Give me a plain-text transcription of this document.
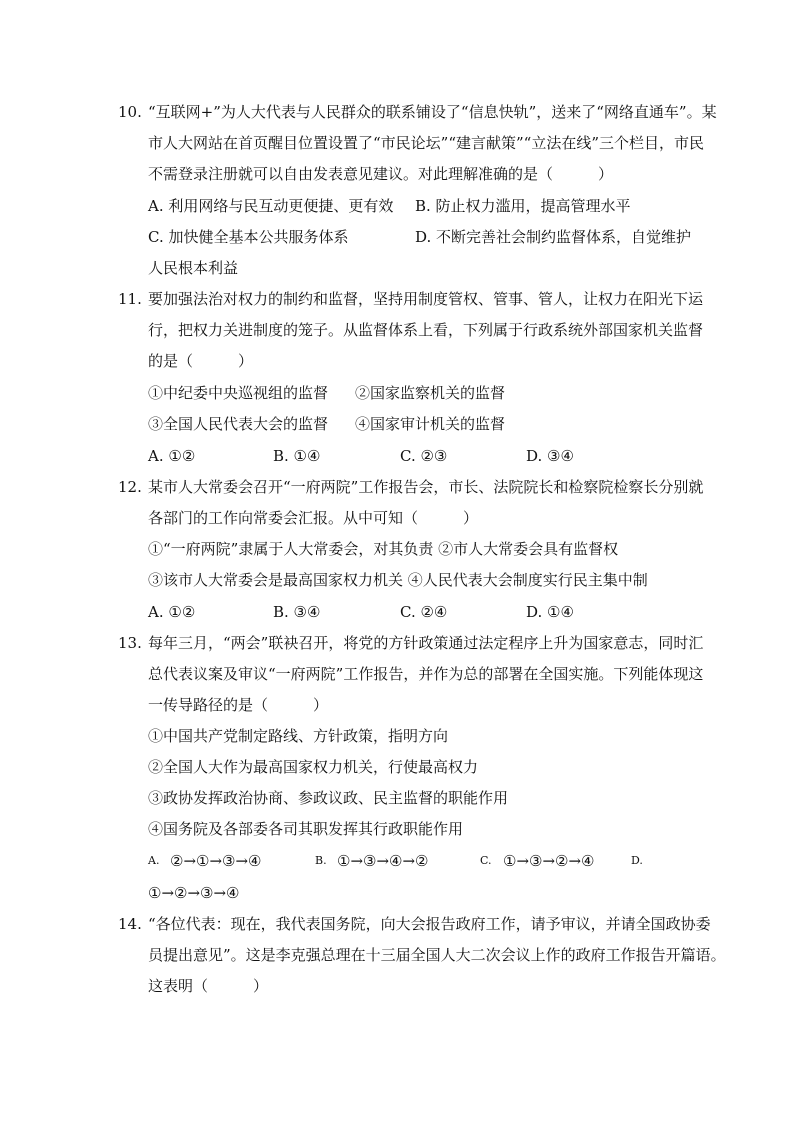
10. “互联网+”为人大代表与人民群众的联系铺设了“信息快轨”，送来了“网络直通车”。某
市人大网站在首页醒目位置设置了“市民论坛”“建言献策”“立法在线”三个栏目，市民
不需登录注册就可以自由发表意见建议。对此理解准确的是（　　　）
A. 利用网络与民互动更便捷、更有效 B. 防止权力滥用，提高管理水平
C. 加快健全基本公共服务体系	D. 不断完善社会制约监督体系，自觉维护
人民根本利益
11. 要加强法治对权力的制约和监督，坚持用制度管权、管事、管人，让权力在阳光下运
行，把权力关进制度的笼子。从监督体系上看，下列属于行政系统外部国家机关监督
的是（　　　）
①中纪委中央巡视组的监督 ②国家监察机关的监督
③全国人民代表大会的监督 ④国家审计机关的监督
A. ①②	B. ①④	C. ②③	D. ③④
12. 某市人大常委会召开“一府两院”工作报告会，市长、法院院长和检察院检察长分别就
各部门的工作向常委会汇报。从中可知（　　　）
①“一府两院”隶属于人大常委会，对其负责 ②市人大常委会具有监督权
③该市人大常委会是最高国家权力机关 ④人民代表大会制度实行民主集中制
A. ①②	B. ③④	C. ②④	D. ①④
13. 每年三月，“两会”联袂召开，将党的方针政策通过法定程序上升为国家意志，同时汇
总代表议案及审议“一府两院”工作报告，并作为总的部署在全国实施。下列能体现这
一传导路径的是（　　　）
①中国共产党制定路线、方针政策，指明方向
②全国人大作为最高国家权力机关，行使最高权力
③政协发挥政治协商、参政议政、民主监督的职能作用
④国务院及各部委各司其职发挥其行政职能作用
A. ②→①→③→④	B. ①→③→④→②	C. ①→③→②→④	D.
①→②→③→④
14. “各位代表：现在，我代表国务院，向大会报告政府工作，请予审议，并请全国政协委
员提出意见”。这是李克强总理在十三届全国人大二次会议上作的政府工作报告开篇语。
这表明（　　　）
